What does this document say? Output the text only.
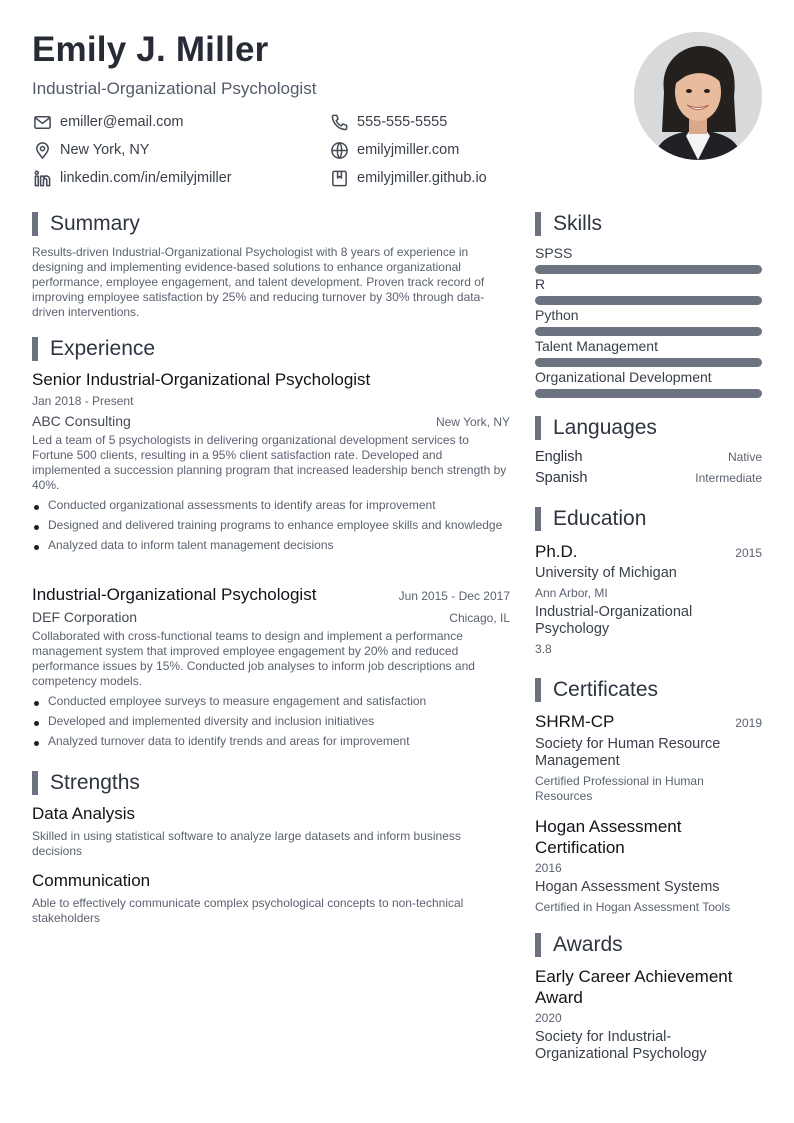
Emily J. Miller
Industrial-Organizational Psychologist
emiller@email.com	555-555-5555
New York, NY	emilyjmiller.com
linkedin.com/in/emilyjmiller	emilyjmiller.github.io
Summary
Results-driven Industrial-Organizational Psychologist with 8 years of experience in designing and implementing evidence-based solutions to enhance organizational performance, employee engagement, and talent development. Proven track record of improving employee satisfaction by 25% and reducing turnover by 30% through data-driven interventions.
Experience
Senior Industrial-Organizational Psychologist
Jan 2018 - Present
ABC Consulting	New York, NY
Led a team of 5 psychologists in delivering organizational development services to Fortune 500 clients, resulting in a 95% client satisfaction rate. Developed and implemented a succession planning program that increased leadership bench strength by 40%.
Conducted organizational assessments to identify areas for improvement
Designed and delivered training programs to enhance employee skills and knowledge
Analyzed data to inform talent management decisions
Industrial-Organizational Psychologist	Jun 2015 - Dec 2017
DEF Corporation	Chicago, IL
Collaborated with cross-functional teams to design and implement a performance management system that improved employee engagement by 20% and reduced performance issues by 15%. Conducted job analyses to inform job descriptions and competency models.
Conducted employee surveys to measure engagement and satisfaction
Developed and implemented diversity and inclusion initiatives
Analyzed turnover data to identify trends and areas for improvement
Strengths
Data Analysis
Skilled in using statistical software to analyze large datasets and inform business decisions
Communication
Able to effectively communicate complex psychological concepts to non-technical stakeholders
Skills
SPSS
R
Python
Talent Management
Organizational Development
Languages
English	Native
Spanish	Intermediate
Education
Ph.D.	2015
University of Michigan
Ann Arbor, MI
Industrial-Organizational Psychology
3.8
Certificates
SHRM-CP	2019
Society for Human Resource Management
Certified Professional in Human Resources
Hogan Assessment Certification
2016
Hogan Assessment Systems
Certified in Hogan Assessment Tools
Awards
Early Career Achievement Award
2020
Society for Industrial-Organizational Psychology
